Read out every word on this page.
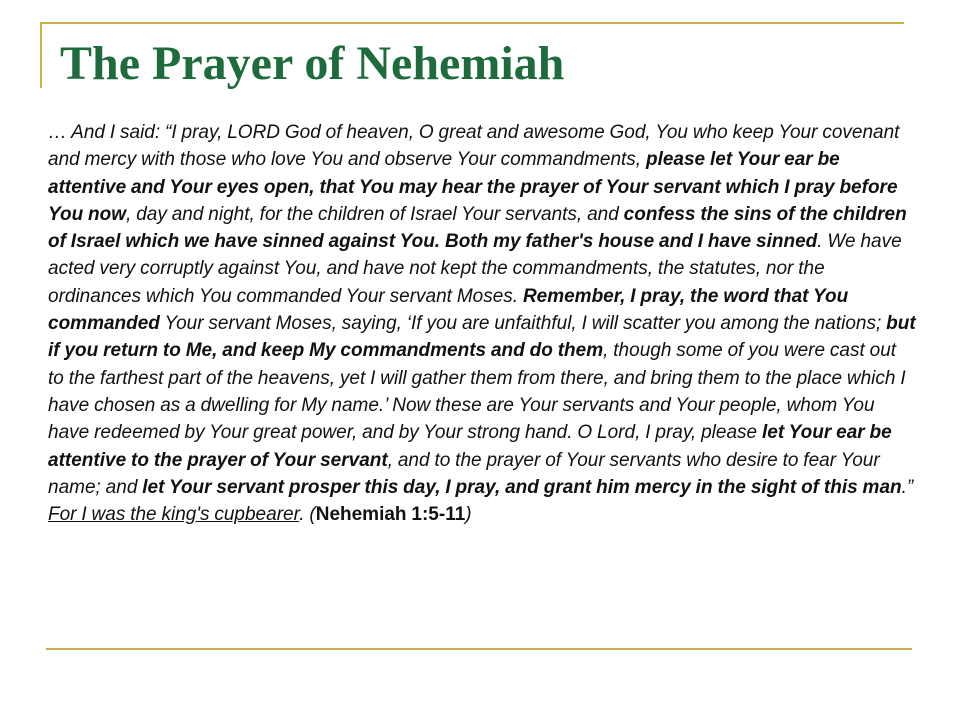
The Prayer of Nehemiah

… And I said: “I pray, LORD God of heaven, O great and awesome God, You who keep Your covenant and mercy with those who love You and observe Your commandments, please let Your ear be attentive and Your eyes open, that You may hear the prayer of Your servant which I pray before You now, day and night, for the children of Israel Your servants, and confess the sins of the children of Israel which we have sinned against You. Both my father's house and I have sinned. We have acted very corruptly against You, and have not kept the commandments, the statutes, nor the ordinances which You commanded Your servant Moses. Remember, I pray, the word that You commanded Your servant Moses, saying, ‘If you are unfaithful, I will scatter you among the nations; but if you return to Me, and keep My commandments and do them, though some of you were cast out to the farthest part of the heavens, yet I will gather them from there, and bring them to the place which I have chosen as a dwelling for My name.’ Now these are Your servants and Your people, whom You have redeemed by Your great power, and by Your strong hand. O Lord, I pray, please let Your ear be attentive to the prayer of Your servant, and to the prayer of Your servants who desire to fear Your name; and let Your servant prosper this day, I pray, and grant him mercy in the sight of this man.” For I was the king's cupbearer. (Nehemiah 1:5-11)
